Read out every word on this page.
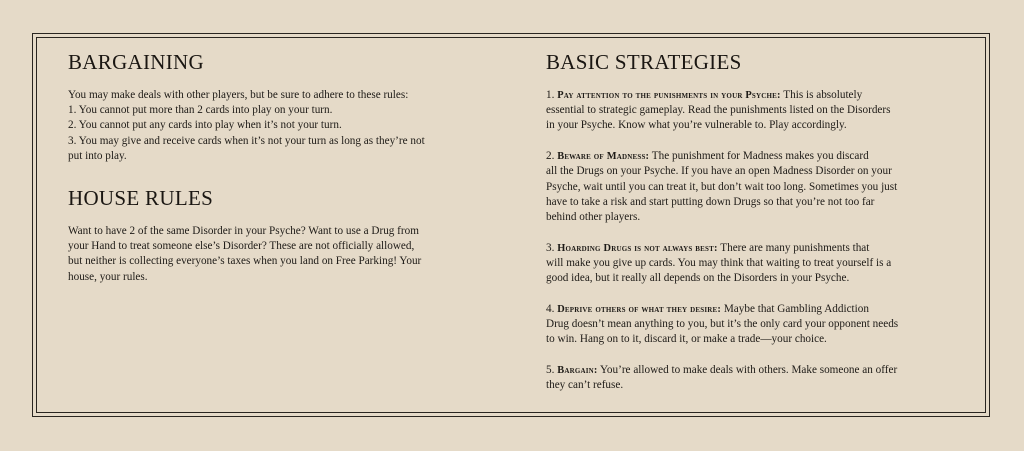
BARGAINING

You may make deals with other players, but be sure to adhere to these rules:
1. You cannot put more than 2 cards into play on your turn.
2. You cannot put any cards into play when it’s not your turn.
3. You may give and receive cards when it’s not your turn as long as they’re not
put into play.

HOUSE RULES

Want to have 2 of the same Disorder in your Psyche? Want to use a Drug from
your Hand to treat someone else’s Disorder? These are not officially allowed,
but neither is collecting everyone’s taxes when you land on Free Parking! Your
house, your rules.

BASIC STRATEGIES

1. Pay attention to the punishments in your Psyche: This is absolutely
essential to strategic gameplay. Read the punishments listed on the Disorders
in your Psyche. Know what you’re vulnerable to. Play accordingly.

2. Beware of Madness: The punishment for Madness makes you discard
all the Drugs on your Psyche. If you have an open Madness Disorder on your
Psyche, wait until you can treat it, but don’t wait too long. Sometimes you just
have to take a risk and start putting down Drugs so that you’re not too far
behind other players.

3. Hoarding Drugs is not always best: There are many punishments that
will make you give up cards. You may think that waiting to treat yourself is a
good idea, but it really all depends on the Disorders in your Psyche.

4. Deprive others of what they desire: Maybe that Gambling Addiction
Drug doesn’t mean anything to you, but it’s the only card your opponent needs
to win. Hang on to it, discard it, or make a trade—your choice.

5. Bargain: You’re allowed to make deals with others. Make someone an offer
they can’t refuse.
